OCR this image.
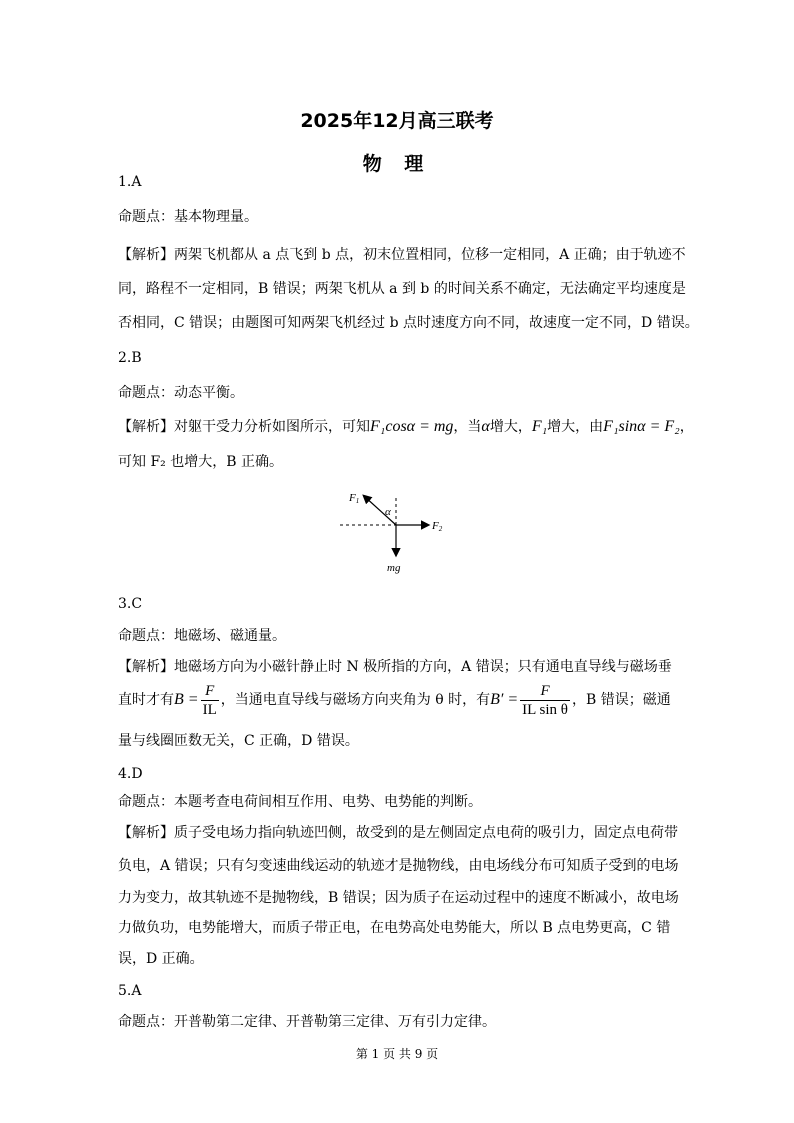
2025年12月高三联考
物 理
1.A
命题点：基本物理量。
【解析】两架飞机都从 a 点飞到 b 点，初末位置相同，位移一定相同，A 正确；由于轨迹不
同，路程不一定相同，B 错误；两架飞机从 a 到 b 的时间关系不确定，无法确定平均速度是
否相同，C 错误；由题图可知两架飞机经过 b 点时速度方向不同，故速度一定不同，D 错误。
2.B
命题点：动态平衡。
【解析】对躯干受力分析如图所示，可知F₁cosα = mg，当α增大，F₁增大，由F₁sinα = F₂，
可知 F₂ 也增大，B 正确。
F1
α
F2
mg
3.C
命题点：地磁场、磁通量。
【解析】地磁场方向为小磁针静止时 N 极所指的方向，A 错误；只有通电直导线与磁场垂
直时才有$B = \frac{F}{IL}$ ，当通电直导线与磁场方向夹角为 θ 时，有$B' = \frac{F}{\text{IL sin θ}}$ ，B 错误；磁通
量与线圈匝数无关，C 正确，D 错误。
4.D
命题点：本题考查电荷间相互作用、电势、电势能的判断。
【解析】质子受电场力指向轨迹凹侧，故受到的是左侧固定点电荷的吸引力，固定点电荷带
负电，A 错误；只有匀变速曲线运动的轨迹才是抛物线，由电场线分布可知质子受到的电场
力为变力，故其轨迹不是抛物线，B 错误；因为质子在运动过程中的速度不断减小，故电场
力做负功，电势能增大，而质子带正电，在电势高处电势能大，所以 B 点电势更高，C 错
误，D 正确。
5.A
命题点：开普勒第二定律、开普勒第三定律、万有引力定律。
第 1 页 共 9 页
